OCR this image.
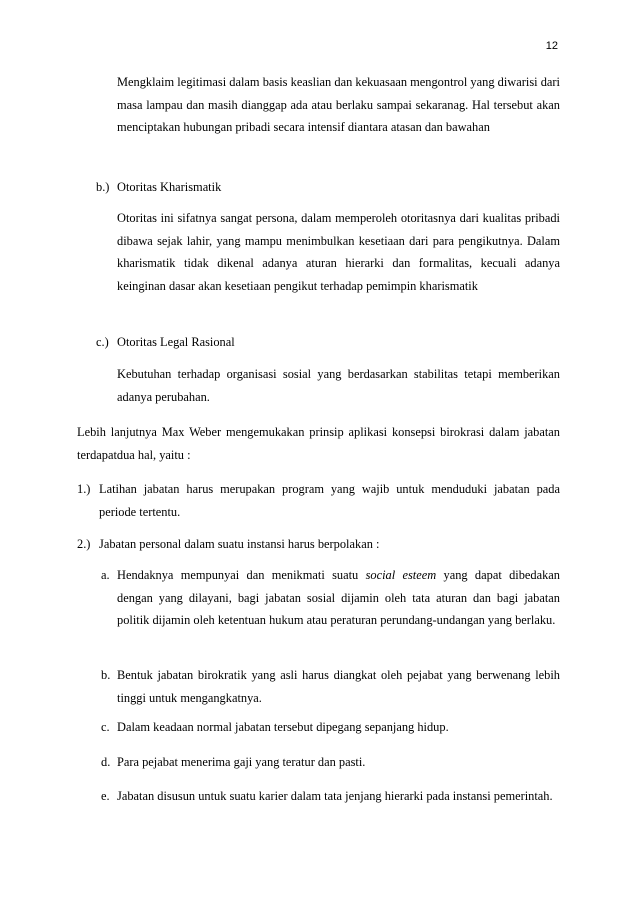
12

Mengklaim legitimasi dalam basis keaslian dan kekuasaan mengontrol yang diwarisi dari masa lampau dan masih dianggap ada atau berlaku sampai sekaranag. Hal tersebut akan menciptakan hubungan pribadi secara intensif diantara atasan dan bawahan

b.) Otoritas Kharismatik

Otoritas ini sifatnya sangat persona, dalam memperoleh otoritasnya dari kualitas pribadi dibawa sejak lahir, yang mampu menimbulkan kesetiaan dari para pengikutnya. Dalam kharismatik tidak dikenal adanya aturan hierarki dan formalitas, kecuali adanya keinginan dasar akan kesetiaan pengikut terhadap pemimpin kharismatik

c.) Otoritas Legal Rasional

Kebutuhan terhadap organisasi sosial yang berdasarkan stabilitas tetapi memberikan adanya perubahan.

Lebih lanjutnya Max Weber mengemukakan prinsip aplikasi konsepsi birokrasi dalam jabatan terdapatdua hal, yaitu :

1.) Latihan jabatan harus merupakan program yang wajib untuk menduduki jabatan pada periode tertentu.

2.) Jabatan personal dalam suatu instansi harus berpolakan :
a. Hendaknya mempunyai dan menikmati suatu social esteem yang dapat dibedakan dengan yang dilayani, bagi jabatan sosial dijamin oleh tata aturan dan bagi jabatan politik dijamin oleh ketentuan hukum atau peraturan perundang-undangan yang berlaku.

b. Bentuk jabatan birokratik yang asli harus diangkat oleh pejabat yang berwenang lebih tinggi untuk mengangkatnya.

c. Dalam keadaan normal jabatan tersebut dipegang sepanjang hidup.
d. Para pejabat menerima gaji yang teratur dan pasti.
e. Jabatan disusun untuk suatu karier dalam tata jenjang hierarki pada instansi pemerintah.
